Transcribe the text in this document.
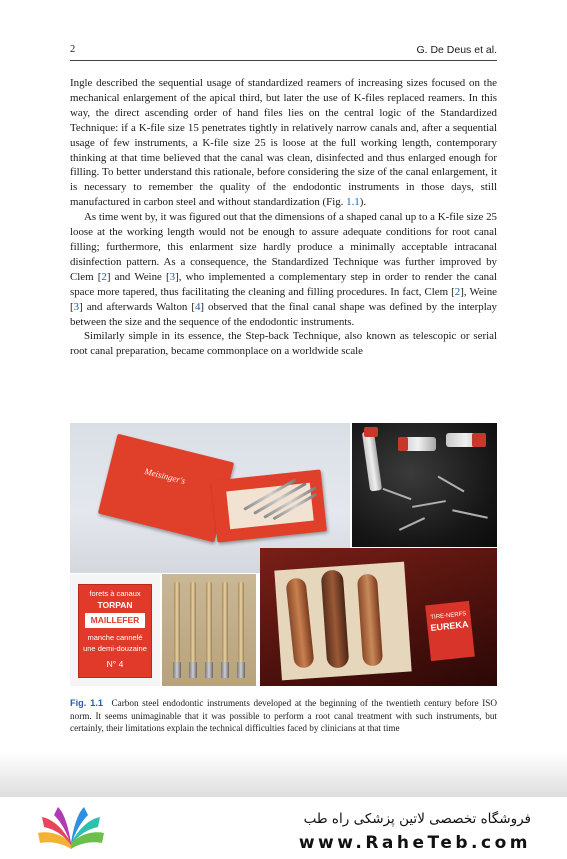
2	G. De Deus et al.

Ingle described the sequential usage of standardized reamers of increasing sizes focused on the mechanical enlargement of the apical third, but later the use of K-files replaced reamers. In this way, the direct ascending order of hand files lies on the central logic of the Standardized Technique: if a K-file size 15 penetrates tightly in relatively narrow canals and, after a sequential usage of few instruments, a K-file size 25 is loose at the full working length, contemporary thinking at that time believed that the canal was clean, disinfected and thus enlarged enough for filling. To better understand this rationale, before considering the size of the canal enlargement, it is necessary to remember the quality of the endodontic instruments in those days, still manufactured in carbon steel and without standardization (Fig. 1.1).

As time went by, it was figured out that the dimensions of a shaped canal up to a K-file size 25 loose at the working length would not be enough to assure adequate conditions for root canal filling; furthermore, this enlarment size hardly produce a minimally acceptable intracanal disinfection pattern. As a consequence, the Standardized Technique was further improved by Clem [2] and Weine [3], who implemented a complementary step in order to render the canal space more tapered, thus facilitating the cleaning and filling procedures. In fact, Clem [2], Weine [3] and afterwards Walton [4] observed that the final canal shape was defined by the interplay between the size and the sequence of the endodontic instruments.

Similarly simple in its essence, the Step-back Technique, also known as telescopic or serial root canal preparation, became commonplace on a worldwide scale

Meisinger's
forets à canaux
TORPAN
MAILLEFER
manche cannelé
une demi-douzaine
N° 4
TIRE-NERFS
EUREKA
Fig. 1.1 Carbon steel endodontic instruments developed at the beginning of the twentieth century before ISO norm. It seems unimaginable that it was possible to perform a root canal treatment with such instruments, but certainly, their limitations explain the technical difficulties faced by clinicians at that time
فروشگاه تخصصی لاتین پزشکی راه طب
www.RaheTeb.com
